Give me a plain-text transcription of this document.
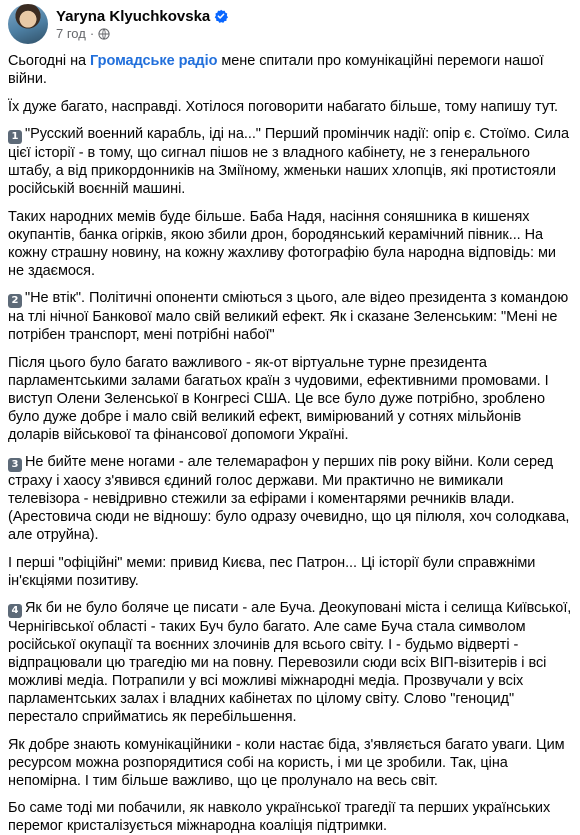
Yaryna Klyuchkovska
7 год ·

Сьогодні на Громадське радіо мене спитали про комунікаційні перемоги нашої війни.

Їх дуже багато, насправді. Хотілося поговорити набагато більше, тому напишу тут.

1 "Русский военний карабль, іді на..." Перший промінчик надії: опір є. Стоїмо. Сила цієї історії - в тому, що сигнал пішов не з владного кабінету, не з генерального штабу, а від прикордонників на Зміїному, жменьки наших хлопців, які протистояли російській воєнній машині.

Таких народних мемів буде більше. Баба Надя, насіння соняшника в кишенях окупантів, банка огірків, якою збили дрон, бородянський керамічний півник... На кожну страшну новину, на кожну жахливу фотографію була народна відповідь: ми не здаємося.

2 "Не втік". Політичні опоненти сміються з цього, але відео президента з командою на тлі нічної Банкової мало свій великий ефект. Як і сказане Зеленським: "Мені не потрібен транспорт, мені потрібні набої"

Після цього було багато важливого - як-от віртуальне турне президента парламентськими залами багатьох країн з чудовими, ефективними промовами. І виступ Олени Зеленської в Конгресі США. Це все було дуже потрібно, зроблено було дуже добре і мало свій великий ефект, вимірюваний у сотнях мільйонів доларів військової та фінансової допомоги Україні.

3 Не бийте мене ногами - але телемарафон у перших пів року війни. Коли серед страху і хаосу з'явився єдиний голос держави. Ми практично не вимикали телевізора - невідривно стежили за ефірами і коментарями речників влади. (Арестовича сюди не відношу: було одразу очевидно, що ця пілюля, хоч солодкава, але отруйна).

І перші "офіційні" меми: привид Києва, пес Патрон... Ці історії були справжніми ін'єкціями позитиву.

4 Як би не було боляче це писати - але Буча. Деокуповані міста і селища Київської, Чернігівської області - таких Буч було багато. Але саме Буча стала символом російської окупації та воєнних злочинів для всього світу. І - будьмо відверті - відпрацювали цю трагедію ми на повну. Перевозили сюди всіх ВІП-візитерів і всі можливі медіа. Потрапили у всі можливі міжнародні медіа. Прозвучали у всіх парламентських залах і владних кабінетах по цілому світу. Слово "геноцид" перестало сприйматись як перебільшення.

Як добре знають комунікаційники - коли настає біда, з'являється багато уваги. Цим ресурсом можна розпорядитися собі на користь, і ми це зробили. Так, ціна непомірна. І тим більше важливо, що це пролунало на весь світ.

Бо саме тоді ми побачили, як навколо української трагедії та перших українських перемог кристалізується міжнародна коаліція підтримки.
